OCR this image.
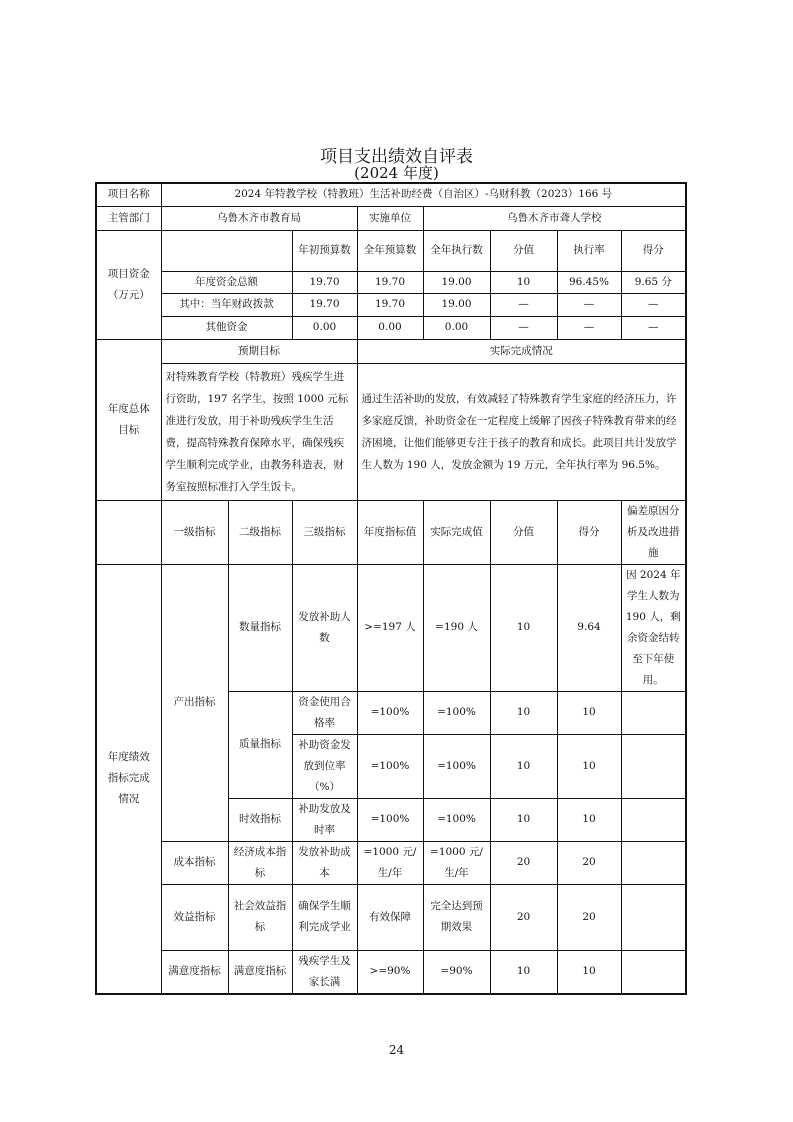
项目支出绩效自评表
(2024 年度)
项目名称	2024 年特教学校（特教班）生活补助经费（自治区）-乌财科教（2023）166 号							
主管部门	乌鲁木齐市教育局			实施单位	乌鲁木齐市聋人学校			
项目资金（万元）			年初预算数	全年预算数	全年执行数	分值	执行率	得分
	年度资金总额		19.70	19.70	19.00	10	96.45%	9.65 分
	其中：当年财政拨款		19.70	19.70	19.00	—	—	—
	其他资金		0.00	0.00	0.00	—	—	—
年度总体目标	预期目标			实际完成情况				
	对特殊教育学校（特教班）残疾学生进行资助，197 名学生，按照 1000 元标准进行发放，用于补助残疾学生生活费，提高特殊教育保障水平，确保残疾学生顺利完成学业，由教务科造表，财务室按照标准打入学生饭卡。			通过生活补助的发放，有效减轻了特殊教育学生家庭的经济压力，许多家庭反馈，补助资金在一定程度上缓解了因孩子特殊教育带来的经济困境，让他们能够更专注于孩子的教育和成长。此项目共计发放学生人数为 190 人，发放金额为 19 万元，全年执行率为 96.5%。				
	一级指标	二级指标	三级指标	年度指标值	实际完成值	分值	得分	偏差原因分析及改进措施
年度绩效指标完成情况	产出指标	数量指标	发放补助人数	>=197 人	=190 人	10	9.64	因 2024 年学生人数为 190 人，剩余资金结转至下年使用。
		质量指标	资金使用合格率	=100%	=100%	10	10	
			补助资金发放到位率（%）	=100%	=100%	10	10	
		时效指标	补助发放及时率	=100%	=100%	10	10	
	成本指标	经济成本指标	发放补助成本	=1000 元/生/年	=1000 元/生/年	20	20	
	效益指标	社会效益指标	确保学生顺利完成学业	有效保障	完全达到预期效果	20	20	
	满意度指标	满意度指标	残疾学生及家长满	>=90%	=90%	10	10	
24
